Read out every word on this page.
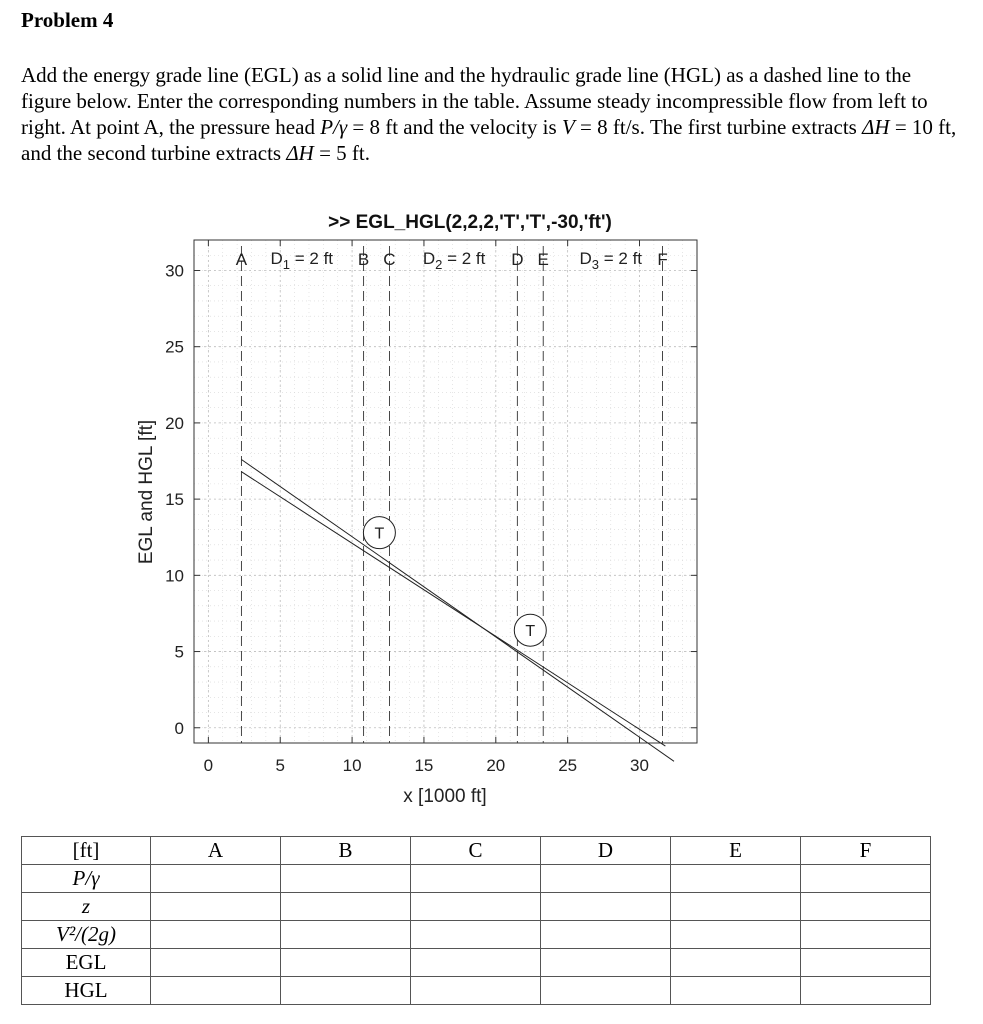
Problem 4
Add the energy grade line (EGL) as a solid line and the hydraulic grade line (HGL) as a dashed line to the figure below. Enter the corresponding numbers in the table. Assume steady incompressible flow from left to right. At point A, the pressure head P/γ = 8 ft and the velocity is V = 8 ft/s. The first turbine extracts ΔH = 10 ft, and the second turbine extracts ΔH = 5 ft.
0	5	10	15	20	25	30
0
5
10
15
20
25
30
A	B C	D E	F
$D_1 = 2$ ft	$D_2 = 2$ ft	$D_3 = 2$ ft
T
T
>> EGL_HGL(2,2,2,'T','T',-30,'ft')
x [1000 ft]
EGL and HGL [ft]
[ft]	A	B	C	D	E	F
P/γ						
z						
V²/(2g)						
EGL						
HGL						
